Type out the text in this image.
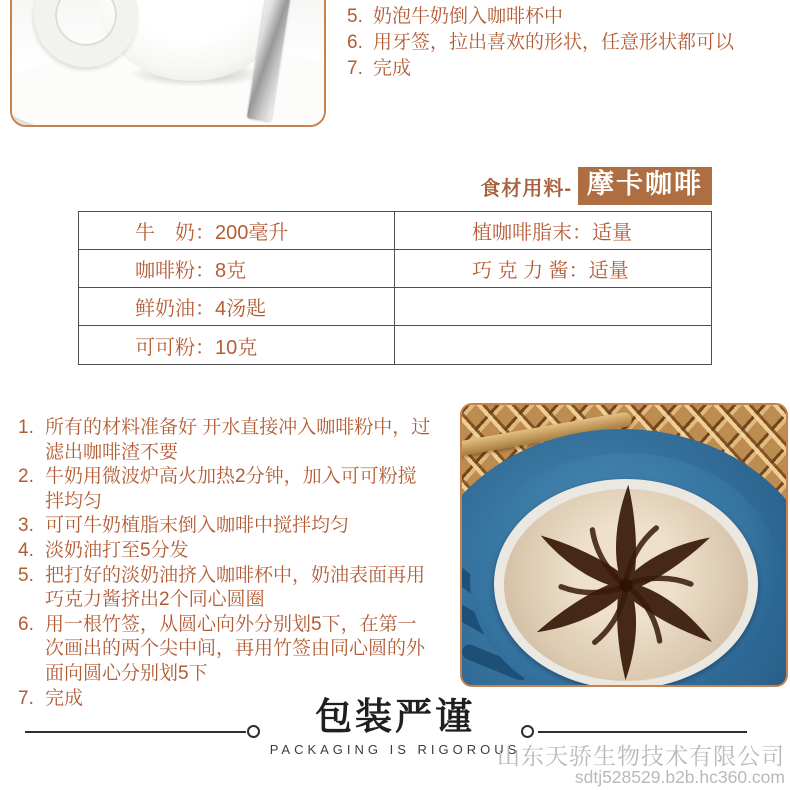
5. 奶泡牛奶倒入咖啡杯中
6. 用牙签，拉出喜欢的形状，任意形状都可以
7. 完成
食材用料- 摩卡咖啡
牛　奶：200毫升	植咖啡脂末：适量
咖啡粉：8克	巧 克 力 酱：适量
鲜奶油：4汤匙
可可粉：10克
1. 所有的材料准备好 开水直接冲入咖啡粉中，过滤出咖啡渣不要
2. 牛奶用微波炉高火加热2分钟，加入可可粉搅拌均匀
3. 可可牛奶植脂末倒入咖啡中搅拌均匀
4. 淡奶油打至5分发
5. 把打好的淡奶油挤入咖啡杯中，奶油表面再用巧克力酱挤出2个同心圆圈
6. 用一根竹签，从圆心向外分别划5下，在第一次画出的两个尖中间，再用竹签由同心圆的外面向圆心分别划5下
7. 完成	包装严谨
PACKAGING IS RIGOROUS
山东天骄生物技术有限公司
sdtj528529.b2b.hc360.com
